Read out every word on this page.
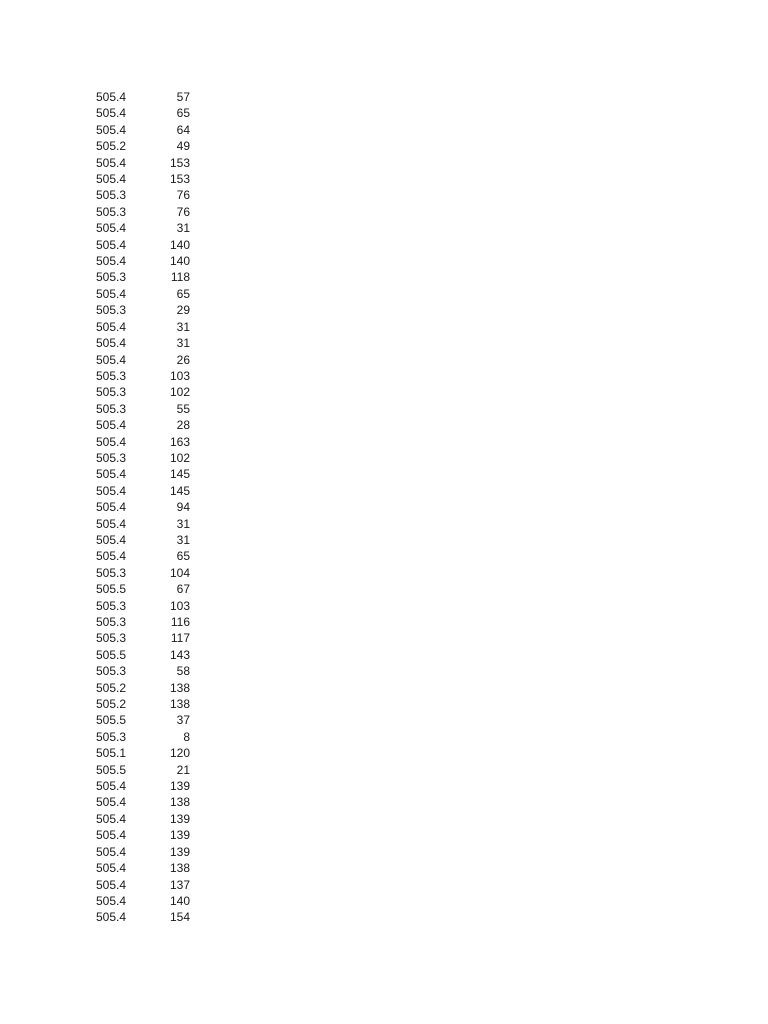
505.4	57
505.4	65
505.4	64
505.2	49
505.4	153
505.4	153
505.3	76
505.3	76
505.4	31
505.4	140
505.4	140
505.3	118
505.4	65
505.3	29
505.4	31
505.4	31
505.4	26
505.3	103
505.3	102
505.3	55
505.4	28
505.4	163
505.3	102
505.4	145
505.4	145
505.4	94
505.4	31
505.4	31
505.4	65
505.3	104
505.5	67
505.3	103
505.3	116
505.3	117
505.5	143
505.3	58
505.2	138
505.2	138
505.5	37
505.3	8
505.1	120
505.5	21
505.4	139
505.4	138
505.4	139
505.4	139
505.4	139
505.4	138
505.4	137
505.4	140
505.4	154
